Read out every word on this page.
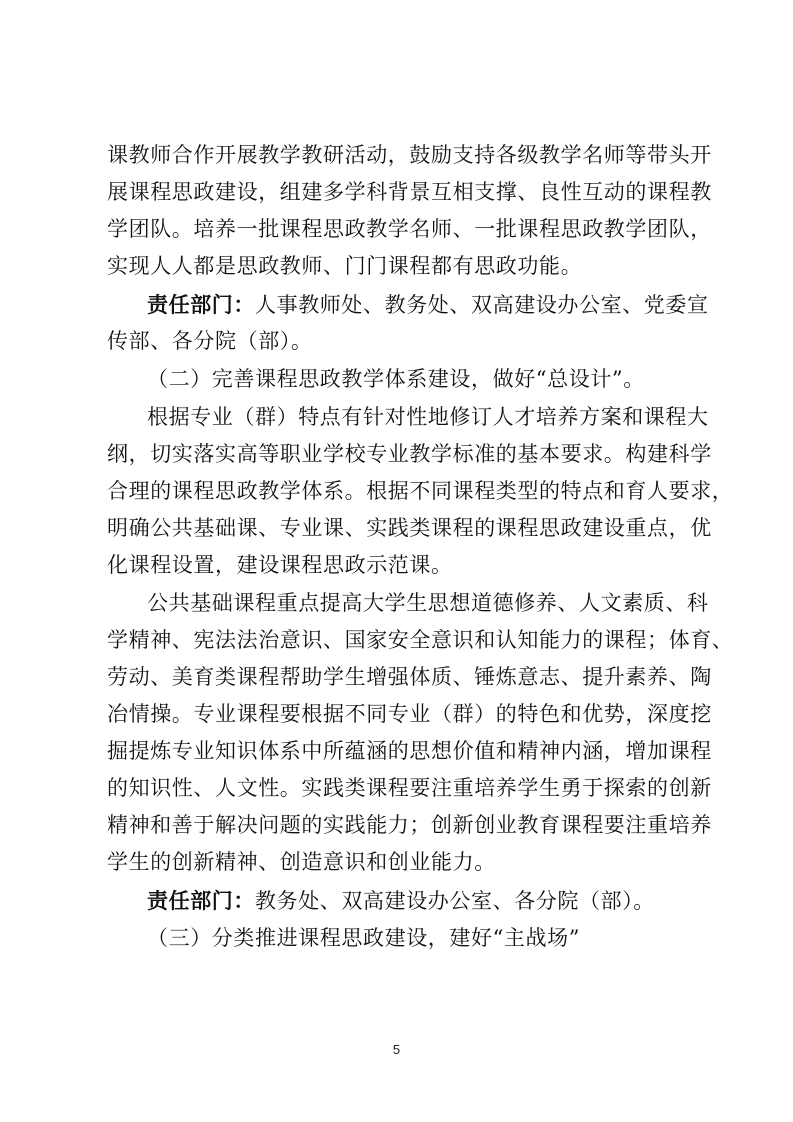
课教师合作开展教学教研活动，鼓励支持各级教学名师等带头开
展课程思政建设，组建多学科背景互相支撑、良性互动的课程教
学团队。培养一批课程思政教学名师、一批课程思政教学团队，
实现人人都是思政教师、门门课程都有思政功能。
责任部门：人事教师处、教务处、双高建设办公室、党委宣
传部、各分院（部）。
（二）完善课程思政教学体系建设，做好“总设计”。
根据专业（群）特点有针对性地修订人才培养方案和课程大
纲，切实落实高等职业学校专业教学标准的基本要求。构建科学
合理的课程思政教学体系。根据不同课程类型的特点和育人要求，
明确公共基础课、专业课、实践类课程的课程思政建设重点，优
化课程设置，建设课程思政示范课。
公共基础课程重点提高大学生思想道德修养、人文素质、科
学精神、宪法法治意识、国家安全意识和认知能力的课程；体育、
劳动、美育类课程帮助学生增强体质、锤炼意志、提升素养、陶
冶情操。专业课程要根据不同专业（群）的特色和优势，深度挖
掘提炼专业知识体系中所蕴涵的思想价值和精神内涵，增加课程
的知识性、人文性。实践类课程要注重培养学生勇于探索的创新
精神和善于解决问题的实践能力；创新创业教育课程要注重培养
学生的创新精神、创造意识和创业能力。
责任部门：教务处、双高建设办公室、各分院（部）。
（三）分类推进课程思政建设，建好“主战场”
5
